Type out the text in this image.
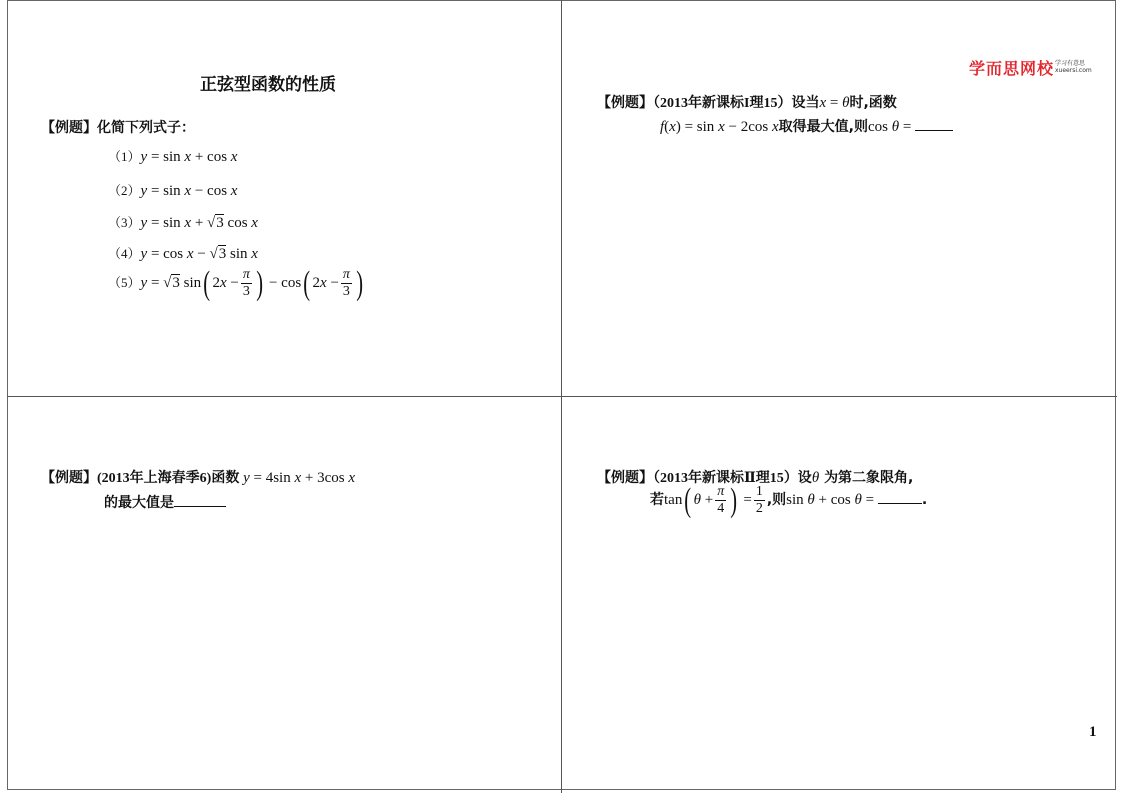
正弦型函数的性质
【例题】化简下列式子：
（1）y = sin x + cos x
（2）y = sin x − cos x
（3）y = sin x + √3 cos x
（4）y = cos x − √3 sin x
（5）y = √3 sin( $2x - \frac{\pi}{3}$ ) − cos( $2x - \frac{\pi}{3}$ )
学而思网校 学习有意思
xueersi.com
【例题】（2013年新课标I理15）设当x = θ时,函数
f(x) = sin x − 2cos x取得最大值,则cos θ =
【例题】(2013年上海春季6)函数 y = 4sin x + 3cos x
的最大值是
【例题】（2013年新课标Ⅱ理15）设θ 为第二象限角,
若tan( $\theta + \frac{\pi}{4}$ ) = $\frac{1}{2}$ ,则sin θ + cos θ =	.
1
